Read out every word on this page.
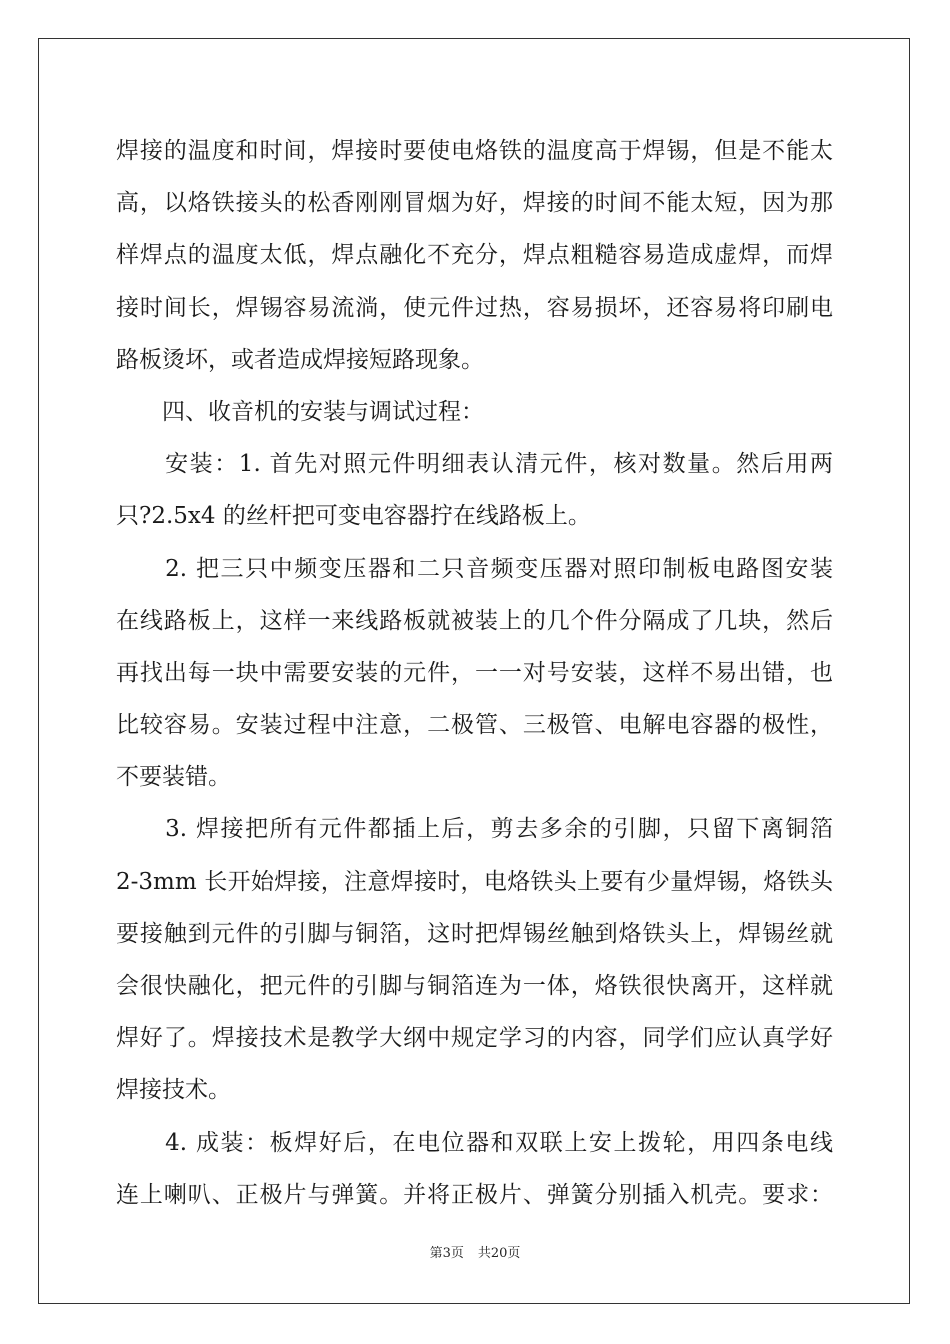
焊接的温度和时间，焊接时要使电烙铁的温度高于焊锡，但是不能太
高，以烙铁接头的松香刚刚冒烟为好，焊接的时间不能太短，因为那
样焊点的温度太低，焊点融化不充分，焊点粗糙容易造成虚焊，而焊
接时间长，焊锡容易流淌，使元件过热，容易损坏，还容易将印刷电
路板烫坏，或者造成焊接短路现象。
　　四、收音机的安装与调试过程：
　　安装：1. 首先对照元件明细表认清元件，核对数量。然后用两
只?2.5x4 的丝杆把可变电容器拧在线路板上。
　　2. 把三只中频变压器和二只音频变压器对照印制板电路图安装
在线路板上，这样一来线路板就被装上的几个件分隔成了几块，然后
再找出每一块中需要安装的元件，一一对号安装，这样不易出错，也
比较容易。安装过程中注意，二极管、三极管、电解电容器的极性，
不要装错。
　　3. 焊接把所有元件都插上后，剪去多余的引脚，只留下离铜箔
2-3mm 长开始焊接，注意焊接时，电烙铁头上要有少量焊锡，烙铁头
要接触到元件的引脚与铜箔，这时把焊锡丝触到烙铁头上，焊锡丝就
会很快融化，把元件的引脚与铜箔连为一体，烙铁很快离开，这样就
焊好了。焊接技术是教学大纲中规定学习的内容，同学们应认真学好
焊接技术。
　　4. 成装：板焊好后，在电位器和双联上安上拨轮，用四条电线
连上喇叭、正极片与弹簧。并将正极片、弹簧分别插入机壳。要求：
第3页 共20页
